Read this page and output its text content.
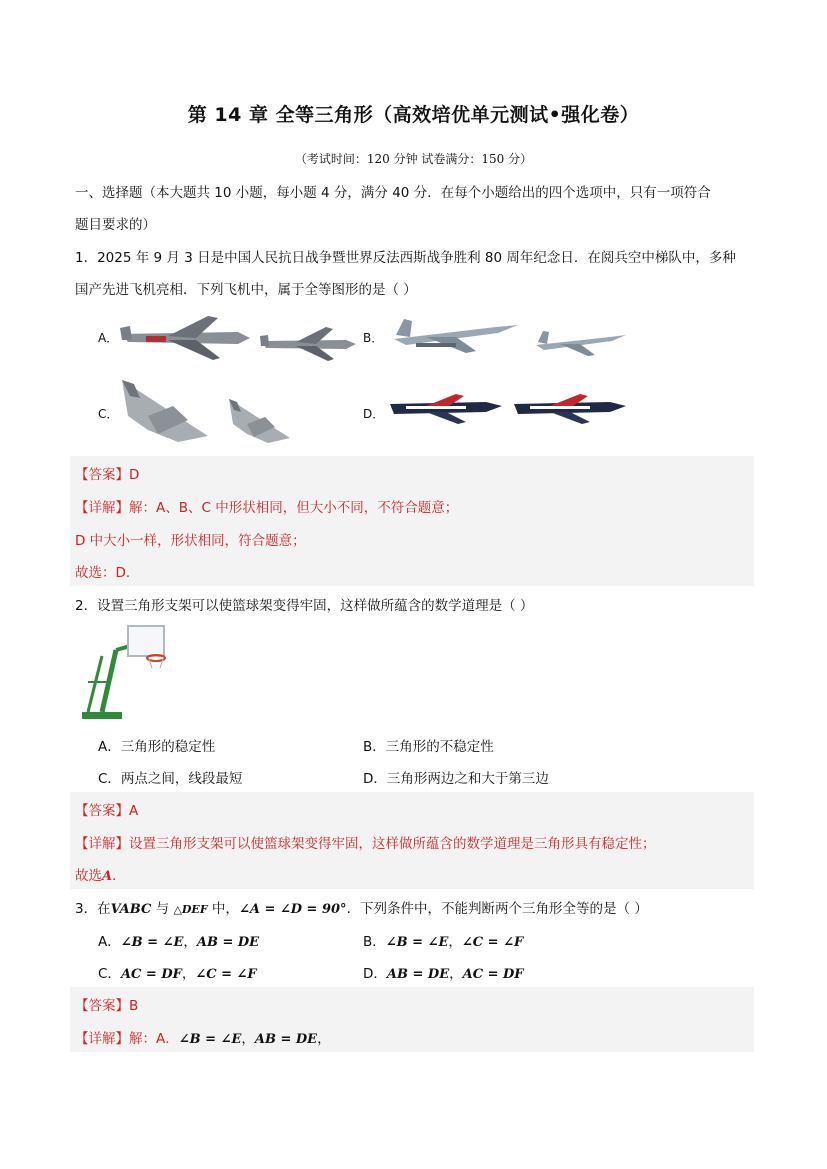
第 14 章 全等三角形（高效培优单元测试•强化卷）
（考试时间：120 分钟 试卷满分：150 分）
一、选择题（本大题共 10 小题，每小题 4 分，满分 40 分．在每个小题给出的四个选项中，只有一项符合
题目要求的）
1．2025 年 9 月 3 日是中国人民抗日战争暨世界反法西斯战争胜利 80 周年纪念日．在阅兵空中梯队中，多种
国产先进飞机亮相．下列飞机中，属于全等图形的是（ ）
A．	B．
C．	D．
【答案】D
【详解】解：A、B、C 中形状相同，但大小不同，不符合题意；
D 中大小一样，形状相同，符合题意；
故选：D．
2．设置三角形支架可以使篮球架变得牢固，这样做所蕴含的数学道理是（ ）
A．三角形的稳定性	B．三角形的不稳定性
C．两点之间，线段最短	D．三角形两边之和大于第三边
【答案】A
【详解】设置三角形支架可以使篮球架变得牢固，这样做所蕴含的数学道理是三角形具有稳定性；
故选A．
3．在VABC 与 △DEF 中，∠A = ∠D = 90°．下列条件中，不能判断两个三角形全等的是（ ）
A．∠B = ∠E，AB = DE	B．∠B = ∠E，∠C = ∠F
C．AC = DF，∠C = ∠F	D．AB = DE，AC = DF
【答案】B
【详解】解：A．∠B = ∠E，AB = DE，
